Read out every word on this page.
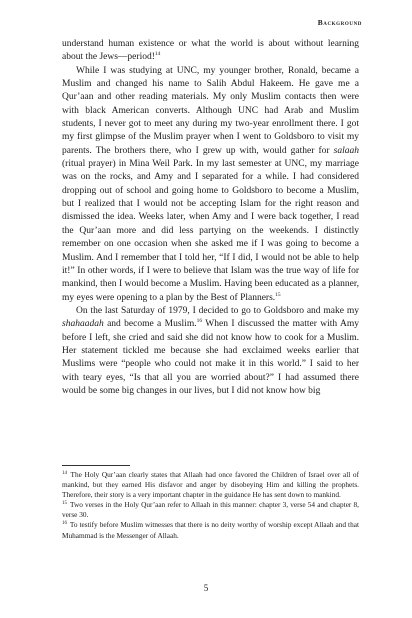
Background

understand human existence or what the world is about without learning about the Jews—period!$^{14}$

While I was studying at UNC, my younger brother, Ronald, became a Muslim and changed his name to Salih Abdul Hakeem. He gave me a Qur’aan and other reading materials. My only Muslim contacts then were with black American converts. Although UNC had Arab and Muslim students, I never got to meet any during my two-year enrollment there. I got my first glimpse of the Muslim prayer when I went to Goldsboro to visit my parents. The brothers there, who I grew up with, would gather for salaah (ritual prayer) in Mina Weil Park. In my last semester at UNC, my marriage was on the rocks, and Amy and I separated for a while. I had considered dropping out of school and going home to Goldsboro to become a Muslim, but I realized that I would not be accepting Islam for the right reason and dismissed the idea. Weeks later, when Amy and I were back together, I read the Qur’aan more and did less partying on the weekends. I distinctly remember on one occasion when she asked me if I was going to become a Muslim. And I remember that I told her, “If I did, I would not be able to help it!” In other words, if I were to believe that Islam was the true way of life for mankind, then I would become a Muslim. Having been educated as a planner, my eyes were opening to a plan by the Best of Planners.$^{15}$

On the last Saturday of 1979, I decided to go to Goldsboro and make my shahaadah and become a Muslim.$^{16}$ When I discussed the matter with Amy before I left, she cried and said she did not know how to cook for a Muslim. Her statement tickled me because she had exclaimed weeks earlier that Muslims were “people who could not make it in this world.” I said to her with teary eyes, “Is that all you are worried about?” I had assumed there would be some big changes in our lives, but I did not know how big

$^{14}$ The Holy Qur’aan clearly states that Allaah had once favored the Children of Israel over all of mankind, but they earned His disfavor and anger by disobeying Him and killing the prophets. Therefore, their story is a very important chapter in the guidance He has sent down to mankind.

$^{15}$ Two verses in the Holy Qur’aan refer to Allaah in this manner: chapter 3, verse 54 and chapter 8, verse 30.

$^{16}$ To testify before Muslim witnesses that there is no deity worthy of worship except Allaah and that Muhammad is the Messenger of Allaah.

5
